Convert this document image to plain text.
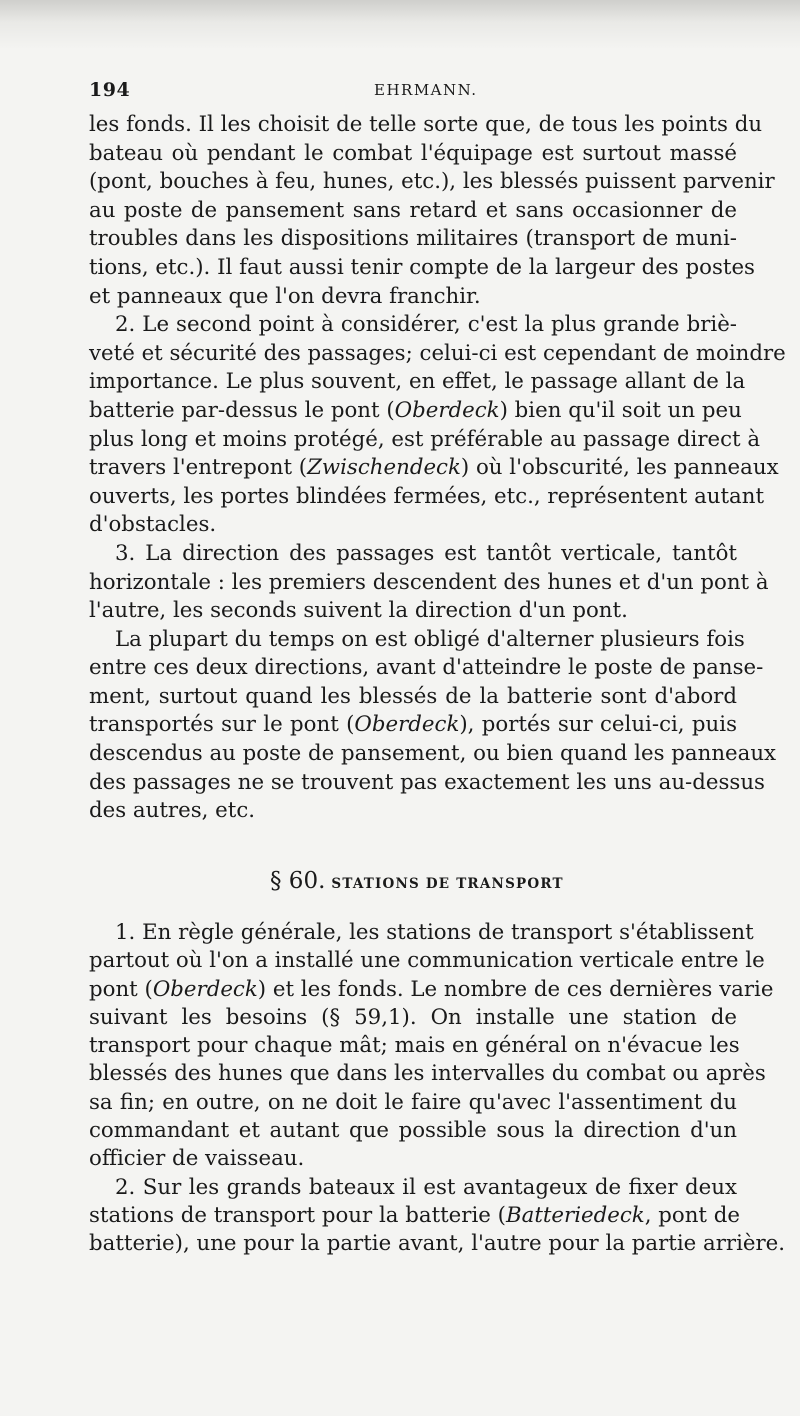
194	EHRMANN.

les fonds. Il les choisit de telle sorte que, de tous les points du
bateau où pendant le combat l'équipage est surtout massé
(pont, bouches à feu, hunes, etc.), les blessés puissent parvenir
au poste de pansement sans retard et sans occasionner de
troubles dans les dispositions militaires (transport de muni-
tions, etc.). Il faut aussi tenir compte de la largeur des postes
et panneaux que l'on devra franchir.

2. Le second point à considérer, c'est la plus grande briè-
veté et sécurité des passages; celui-ci est cependant de moindre
importance. Le plus souvent, en effet, le passage allant de la
batterie par-dessus le pont (Oberdeck) bien qu'il soit un peu
plus long et moins protégé, est préférable au passage direct à
travers l'entrepont (Zwischendeck) où l'obscurité, les panneaux
ouverts, les portes blindées fermées, etc., représentent autant
d'obstacles.

3. La direction des passages est tantôt verticale, tantôt
horizontale : les premiers descendent des hunes et d'un pont à
l'autre, les seconds suivent la direction d'un pont.

La plupart du temps on est obligé d'alterner plusieurs fois
entre ces deux directions, avant d'atteindre le poste de panse-
ment, surtout quand les blessés de la batterie sont d'abord
transportés sur le pont (Oberdeck), portés sur celui-ci, puis
descendus au poste de pansement, ou bien quand les panneaux
des passages ne se trouvent pas exactement les uns au-dessus
des autres, etc.

§ 60. STATIONS DE TRANSPORT

1. En règle générale, les stations de transport s'établissent
partout où l'on a installé une communication verticale entre le
pont (Oberdeck) et les fonds. Le nombre de ces dernières varie
suivant les besoins (§ 59,1). On installe une station de
transport pour chaque mât; mais en général on n'évacue les
blessés des hunes que dans les intervalles du combat ou après
sa fin; en outre, on ne doit le faire qu'avec l'assentiment du
commandant et autant que possible sous la direction d'un
officier de vaisseau.

2. Sur les grands bateaux il est avantageux de fixer deux
stations de transport pour la batterie (Batteriedeck, pont de
batterie), une pour la partie avant, l'autre pour la partie arrière.
